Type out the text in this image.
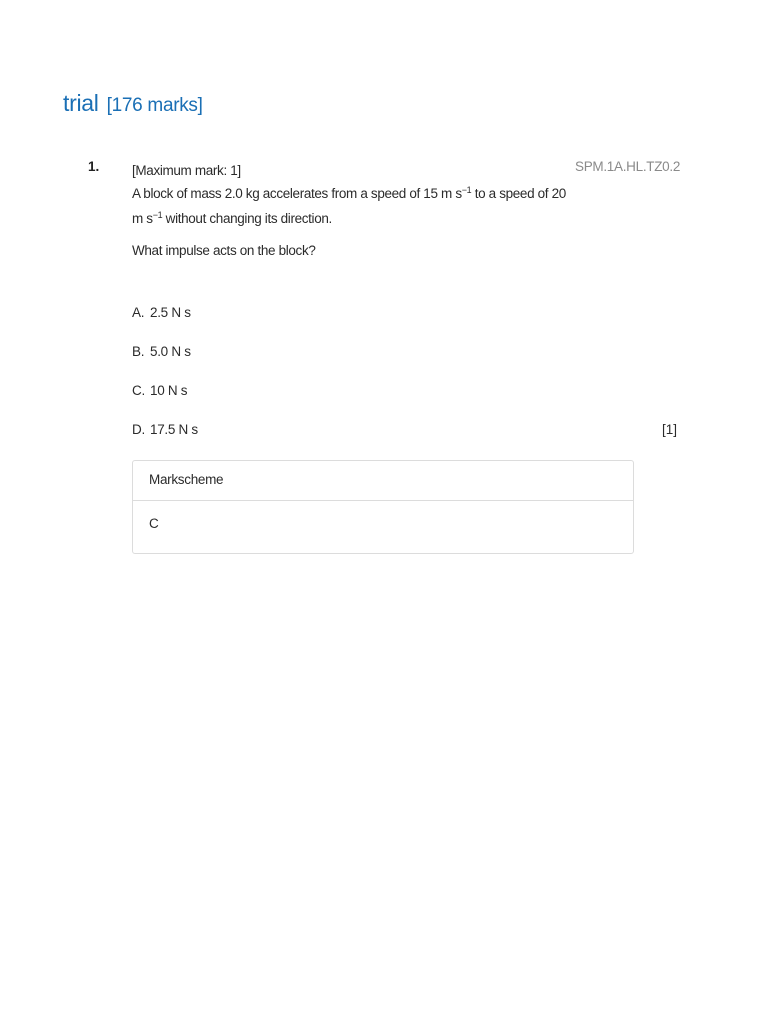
trial [176 marks]
1.	SPM.1A.HL.TZ0.2

[Maximum mark: 1]

A block of mass 2.0 kg accelerates from a speed of 15 m $s^{-1}$ to a speed of 20 m $s^{-1}$ without changing its direction.

What impulse acts on the block?
A. 2.5 N s
B. 5.0 N s
C. 10 N s
D. 17.5 N s	[1]
Markscheme
C
